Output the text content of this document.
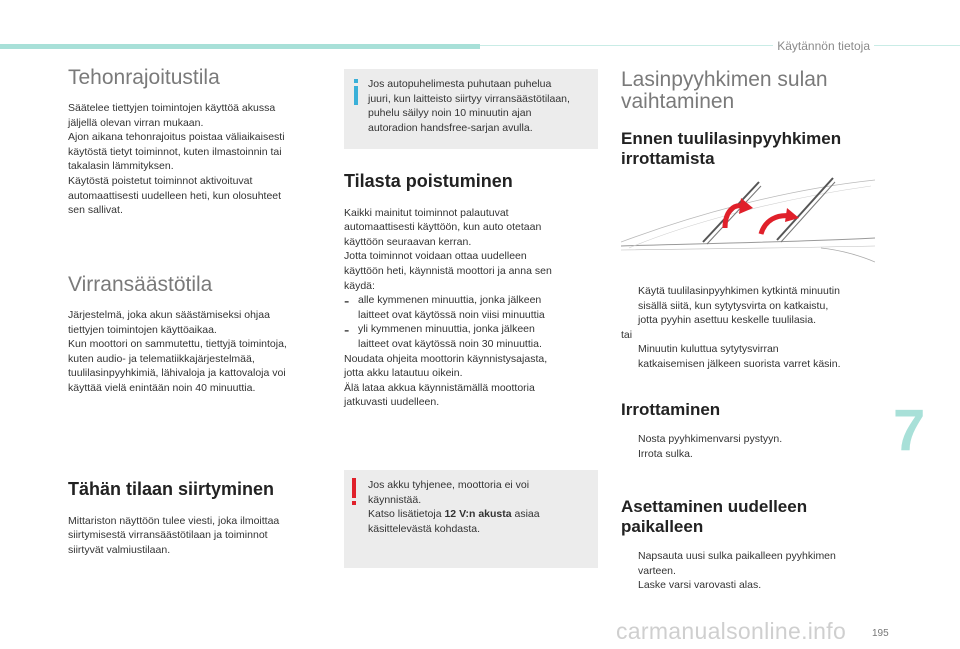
Käytännön tietoja
Tehonrajoitustila

Säätelee tiettyjen toimintojen käyttöä akussa

jäljellä olevan virran mukaan.

Ajon aikana tehonrajoitus poistaa väliaikaisesti

käytöstä tietyt toiminnot, kuten ilmastoinnin tai

takalasin lämmityksen.

Käytöstä poistetut toiminnot aktivoituvat

automaattisesti uudelleen heti, kun olosuhteet

sen sallivat.

Virransäästötila

Järjestelmä, joka akun säästämiseksi ohjaa

tiettyjen toimintojen käyttöaikaa.

Kun moottori on sammutettu, tiettyjä toimintoja,

kuten audio- ja telematiikkajärjestelmää,

tuulilasinpyyhkimiä, lähivaloja ja kattovaloja voi

käyttää vielä enintään noin 40 minuuttia.

Tähän tilaan siirtyminen

Mittariston näyttöön tulee viesti, joka ilmoittaa

siirtymisestä virransäästötilaan ja toiminnot

siirtyvät valmiustilaan.

Jos autopuhelimesta puhutaan puhelua

juuri, kun laitteisto siirtyy virransäästötilaan,

puhelu säilyy noin 10 minuutin ajan

autoradion handsfree-sarjan avulla.

Tilasta poistuminen

Kaikki mainitut toiminnot palautuvat

automaattisesti käyttöön, kun auto otetaan

käyttöön seuraavan kerran.

Jotta toiminnot voidaan ottaa uudelleen

käyttöön heti, käynnistä moottori ja anna sen

käydä:

- alle kymmenen minuuttia, jonka jälkeen

laitteet ovat käytössä noin viisi minuuttia

- yli kymmenen minuuttia, jonka jälkeen

laitteet ovat käytössä noin 30 minuuttia.

Noudata ohjeita moottorin käynnistysajasta,

jotta akku latautuu oikein.

Älä lataa akkua käynnistämällä moottoria

jatkuvasti uudelleen.

Jos akku tyhjenee, moottoria ei voi

käynnistää.

Katso lisätietoja 12 V:n akusta asiaa

käsittelevästä kohdasta.

Lasinpyyhkimen sulan
vaihtaminen
Ennen tuulilasinpyyhkimen
irrottamista

Käytä tuulilasinpyyhkimen kytkintä minuutin

sisällä siitä, kun sytytysvirta on katkaistu,

jotta pyyhin asettuu keskelle tuulilasia.

tai

Minuutin kuluttua sytytysvirran

katkaisemisen jälkeen suorista varret käsin.

Irrottaminen

Nosta pyyhkimenvarsi pystyyn.

Irrota sulka.

Asettaminen uudelleen
paikalleen

Napsauta uusi sulka paikalleen pyyhkimen

varteen.

Laske varsi varovasti alas.

7
195
carmanualsonline.info
